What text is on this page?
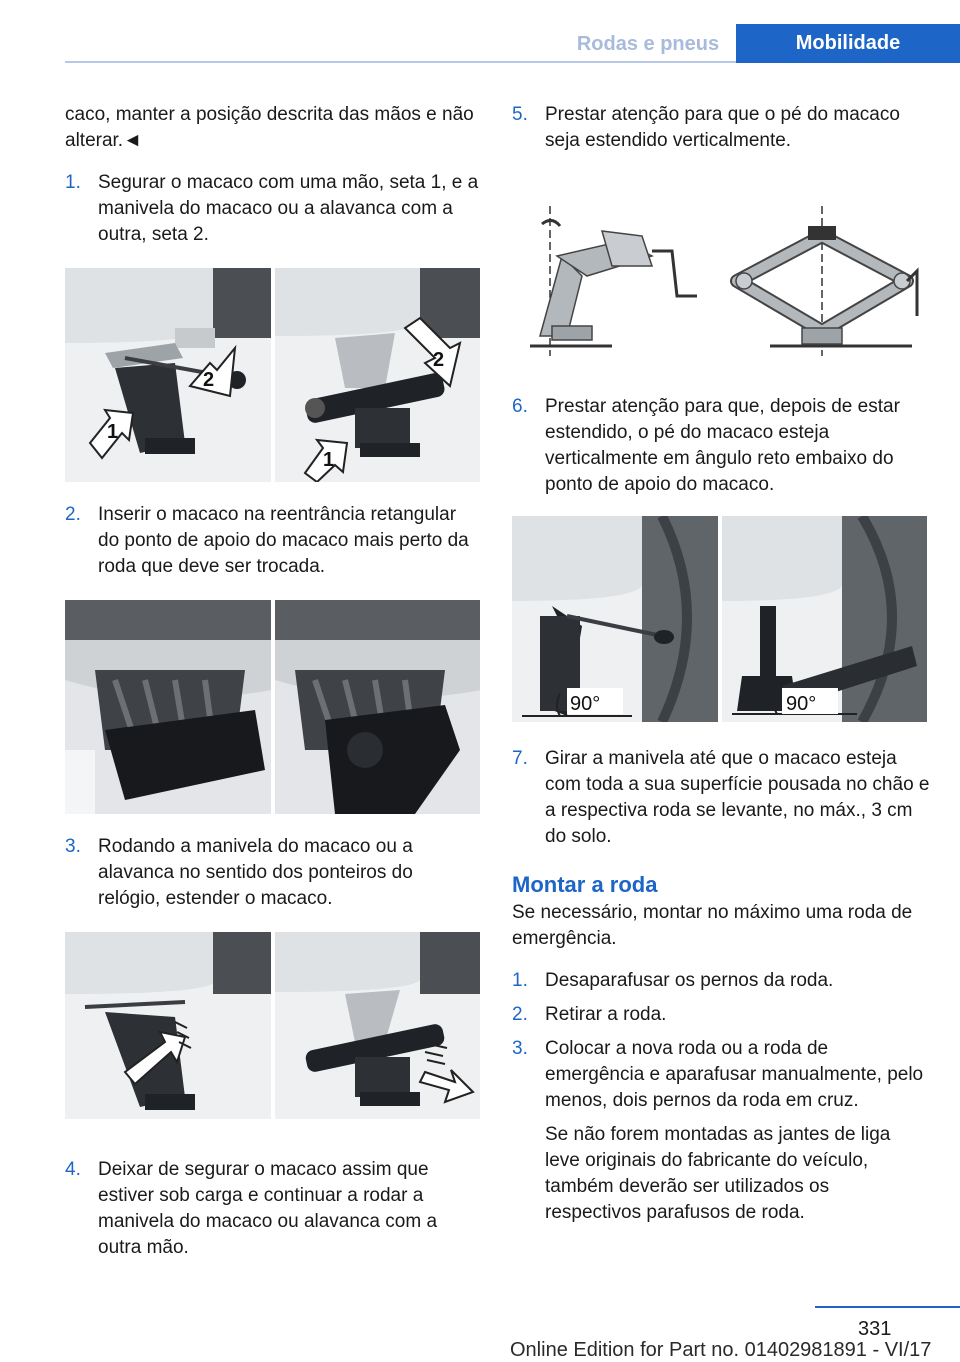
Rodas e pneus	Mobilidade

caco, manter a posição descrita das mãos e não alterar.◄

1. Segurar o macaco com uma mão, seta 1, e a manivela do macaco ou a alavanca com a outra, seta 2.
1
2
2
1
2. Inserir o macaco na reentrância retangular do ponto de apoio do macaco mais perto da roda que deve ser trocada.
3. Rodando a manivela do macaco ou a alavanca no sentido dos ponteiros do relógio, estender o macaco.
4. Deixar de segurar o macaco assim que estiver sob carga e continuar a rodar a manivela do macaco ou alavanca com a outra mão.
5. Prestar atenção para que o pé do macaco seja estendido verticalmente.
6. Prestar atenção para que, depois de estar estendido, o pé do macaco esteja verticalmente em ângulo reto embaixo do ponto de apoio do macaco.
90°	90°
7. Girar a manivela até que o macaco esteja com toda a sua superfície pousada no chão e a respectiva roda se levante, no máx., 3 cm do solo.
Montar a roda

Se necessário, montar no máximo uma roda de emergência.

1. Desaparafusar os pernos da roda.
2. Retirar a roda.
3. Colocar a nova roda ou a roda de emergência e aparafusar manualmente, pelo menos, dois pernos da roda em cruz.

Se não forem montadas as jantes de liga leve originais do fabricante do veículo, também deverão ser utilizados os respectivos parafusos de roda.

331
Online Edition for Part no. 01402981891 - VI/17
